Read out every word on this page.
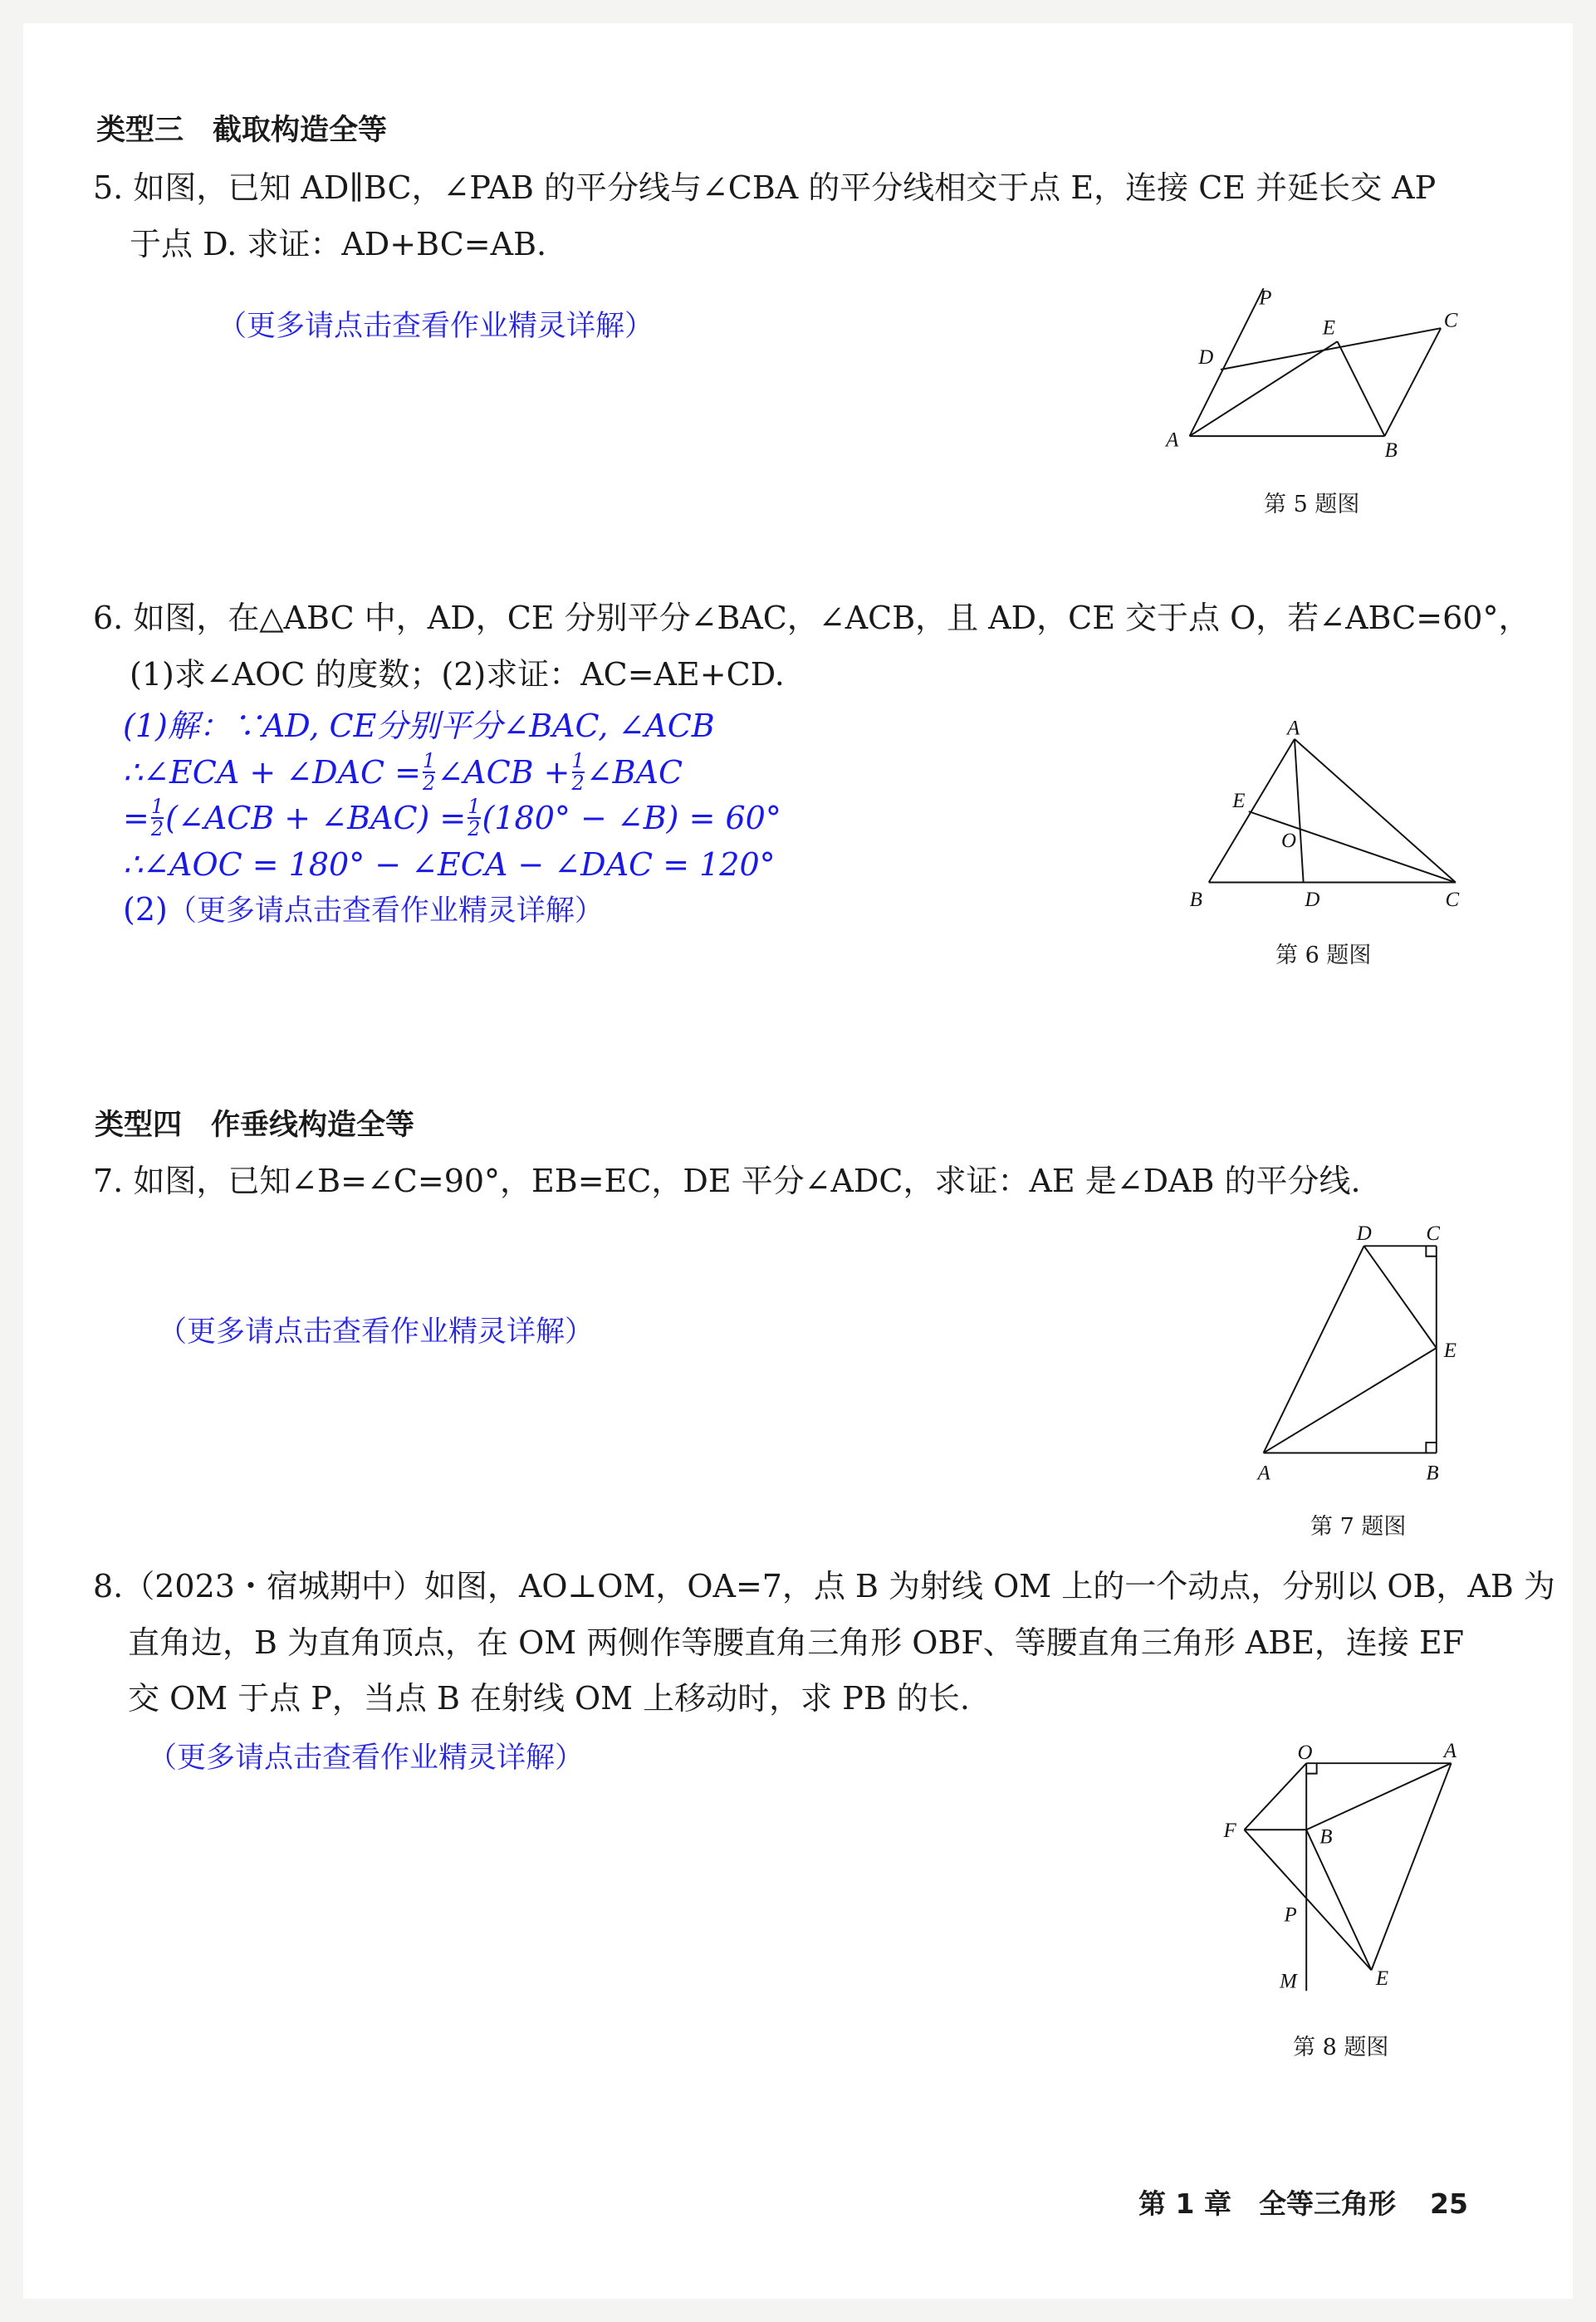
类型三　截取构造全等
5. 如图，已知 AD∥BC，∠PAB 的平分线与∠CBA 的平分线相交于点 E，连接 CE 并延长交 AP
于点 D. 求证：AD+BC=AB.
（更多请点击查看作业精灵详解）
第 5 题图
6. 如图，在△ABC 中，AD，CE 分别平分∠BAC，∠ACB，且 AD，CE 交于点 O，若∠ABC=60°，
(1)求∠AOC 的度数；(2)求证：AC=AE+CD.
(1)解：∵AD, CE分别平分∠BAC, ∠ACB
∴∠ECA + ∠DAC = $\frac{1}{2}$ ∠ACB + $\frac{1}{2}$ ∠BAC
= $\frac{1}{2}$ (∠ACB + ∠BAC) = $\frac{1}{2} (180^\circ$ − ∠B) = 60°
∴∠AOC = 180° − ∠ECA − ∠DAC = 120°
(2)（更多请点击查看作业精灵详解）
第 6 题图
类型四　作垂线构造全等
7. 如图，已知∠B=∠C=90°，EB=EC，DE 平分∠ADC，求证：AE 是∠DAB 的平分线.
（更多请点击查看作业精灵详解）
第 7 题图
8.（2023・宿城期中）如图，AO⊥OM，OA=7，点 B 为射线 OM 上的一个动点，分别以 OB，AB 为
直角边，B 为直角顶点，在 OM 两侧作等腰直角三角形 OBF、等腰直角三角形 ABE，连接 EF
交 OM 于点 P，当点 B 在射线 OM 上移动时，求 PB 的长.
（更多请点击查看作业精灵详解）
第 8 题图
第 1 章　全等三角形 25
P
D
E	C
A	B
A
E
O
B	D	C
D	C
E
A	B
O	A
F	B
P
M	E
